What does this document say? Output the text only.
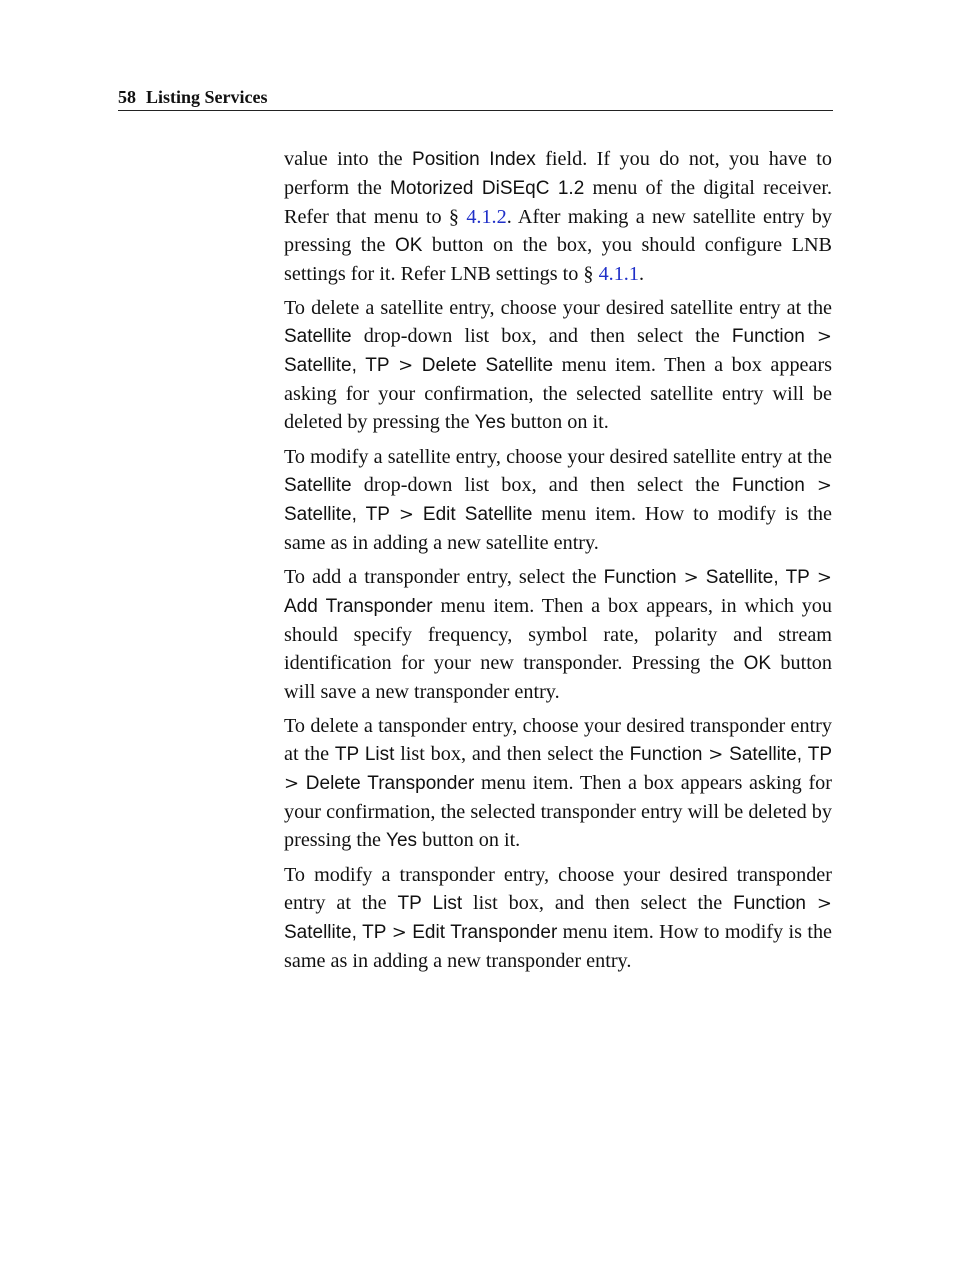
58 Listing Services

value into the Position Index field. If you do not, you have to perform the Motorized DiSEqC 1.2 menu of the digital receiver. Refer that menu to § 4.1.2. After making a new satellite entry by pressing the OK button on the box, you should configure LNB settings for it. Refer LNB settings to § 4.1.1.

To delete a satellite entry, choose your desired satellite entry at the Satellite drop-down list box, and then select the Function > Satellite, TP > Delete Satellite menu item. Then a box appears asking for your confirmation, the selected satellite entry will be deleted by pressing the Yes button on it.

To modify a satellite entry, choose your desired satellite entry at the Satellite drop-down list box, and then select the Function > Satellite, TP > Edit Satellite menu item. How to modify is the same as in adding a new satellite entry.

To add a transponder entry, select the Function > Satellite, TP > Add Transponder menu item. Then a box appears, in which you should specify frequency, symbol rate, polarity and stream identification for your new transponder. Pressing the OK button will save a new transponder entry.

To delete a tansponder entry, choose your desired transponder entry at the TP List list box, and then select the Function > Satellite, TP > Delete Transponder menu item. Then a box appears asking for your confirmation, the selected transponder entry will be deleted by pressing the Yes button on it.

To modify a transponder entry, choose your desired transponder entry at the TP List list box, and then select the Function > Satellite, TP > Edit Transponder menu item. How to modify is the same as in adding a new transponder entry.
